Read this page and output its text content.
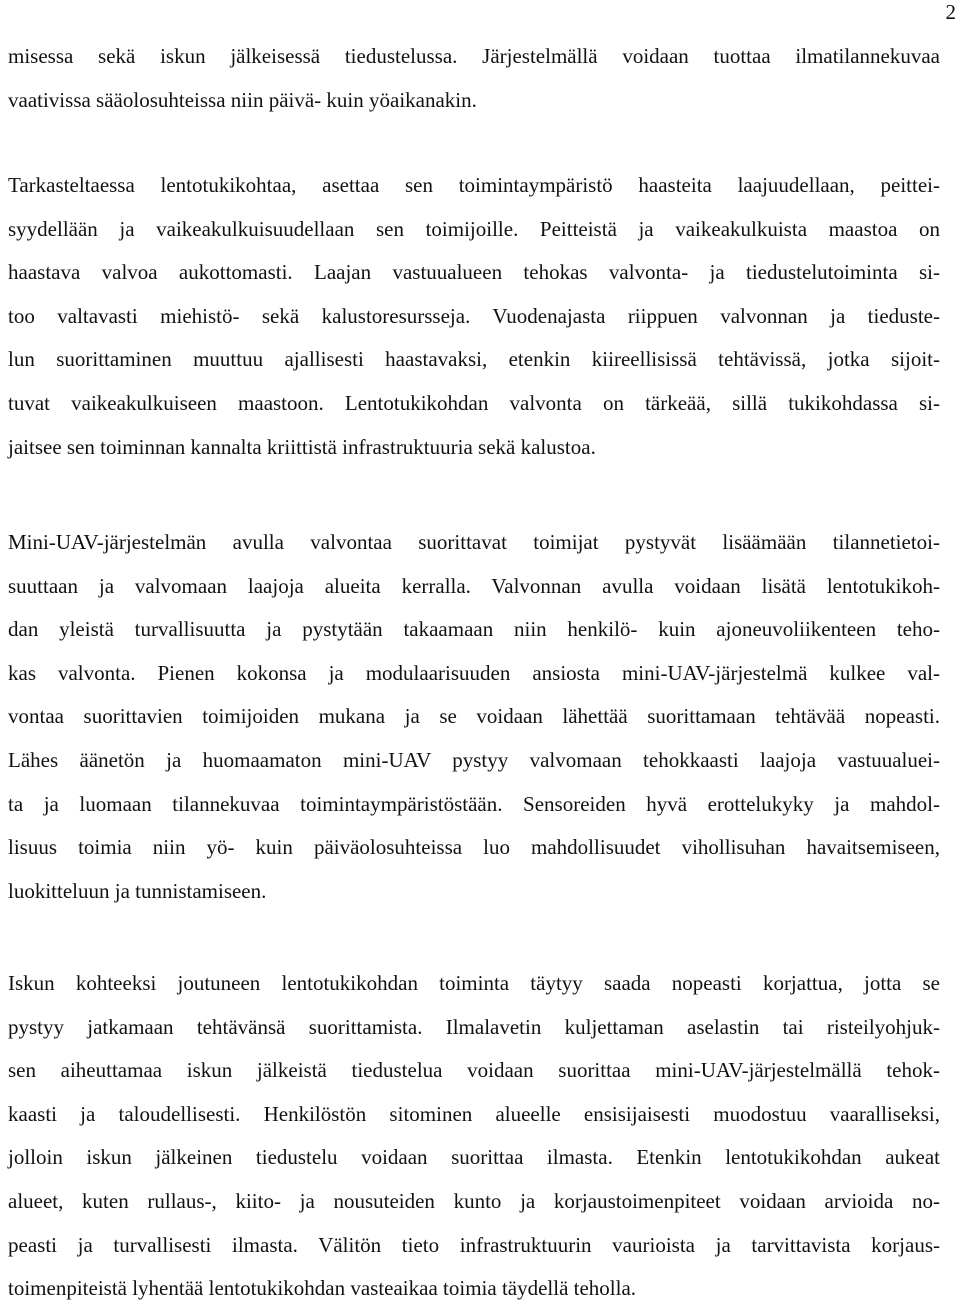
2
misessa sekä iskun jälkeisessä tiedustelussa. Järjestelmällä voidaan tuottaa ilmatilannekuvaa
vaativissa sääolosuhteissa niin päivä- kuin yöaikanakin.
Tarkasteltaessa lentotukikohtaa, asettaa sen toimintaympäristö haasteita laajuudellaan, peittei-
syydellään ja vaikeakulkuisuudellaan sen toimijoille. Peitteistä ja vaikeakulkuista maastoa on
haastava valvoa aukottomasti. Laajan vastuualueen tehokas valvonta- ja tiedustelutoiminta si-
too valtavasti miehistö- sekä kalustoresursseja. Vuodenajasta riippuen valvonnan ja tieduste-
lun suorittaminen muuttuu ajallisesti haastavaksi, etenkin kiireellisissä tehtävissä, jotka sijoit-
tuvat vaikeakulkuiseen maastoon. Lentotukikohdan valvonta on tärkeää, sillä tukikohdassa si-
jaitsee sen toiminnan kannalta kriittistä infrastruktuuria sekä kalustoa.
Mini-UAV-järjestelmän avulla valvontaa suorittavat toimijat pystyvät lisäämään tilannetietoi-
suuttaan ja valvomaan laajoja alueita kerralla. Valvonnan avulla voidaan lisätä lentotukikoh-
dan yleistä turvallisuutta ja pystytään takaamaan niin henkilö- kuin ajoneuvoliikenteen teho-
kas valvonta. Pienen kokonsa ja modulaarisuuden ansiosta mini-UAV-järjestelmä kulkee val-
vontaa suorittavien toimijoiden mukana ja se voidaan lähettää suorittamaan tehtävää nopeasti.
Lähes äänetön ja huomaamaton mini-UAV pystyy valvomaan tehokkaasti laajoja vastuualuei-
ta ja luomaan tilannekuvaa toimintaympäristöstään. Sensoreiden hyvä erottelukyky ja mahdol-
lisuus toimia niin yö- kuin päiväolosuhteissa luo mahdollisuudet vihollisuhan havaitsemiseen,
luokitteluun ja tunnistamiseen.
Iskun kohteeksi joutuneen lentotukikohdan toiminta täytyy saada nopeasti korjattua, jotta se
pystyy jatkamaan tehtävänsä suorittamista. Ilmalavetin kuljettaman aselastin tai risteilyohjuk-
sen aiheuttamaa iskun jälkeistä tiedustelua voidaan suorittaa mini-UAV-järjestelmällä tehok-
kaasti ja taloudellisesti. Henkilöstön sitominen alueelle ensisijaisesti muodostuu vaaralliseksi,
jolloin iskun jälkeinen tiedustelu voidaan suorittaa ilmasta. Etenkin lentotukikohdan aukeat
alueet, kuten rullaus-, kiito- ja nousuteiden kunto ja korjaustoimenpiteet voidaan arvioida no-
peasti ja turvallisesti ilmasta. Välitön tieto infrastruktuurin vaurioista ja tarvittavista korjaus-
toimenpiteistä lyhentää lentotukikohdan vasteaikaa toimia täydellä teholla.
